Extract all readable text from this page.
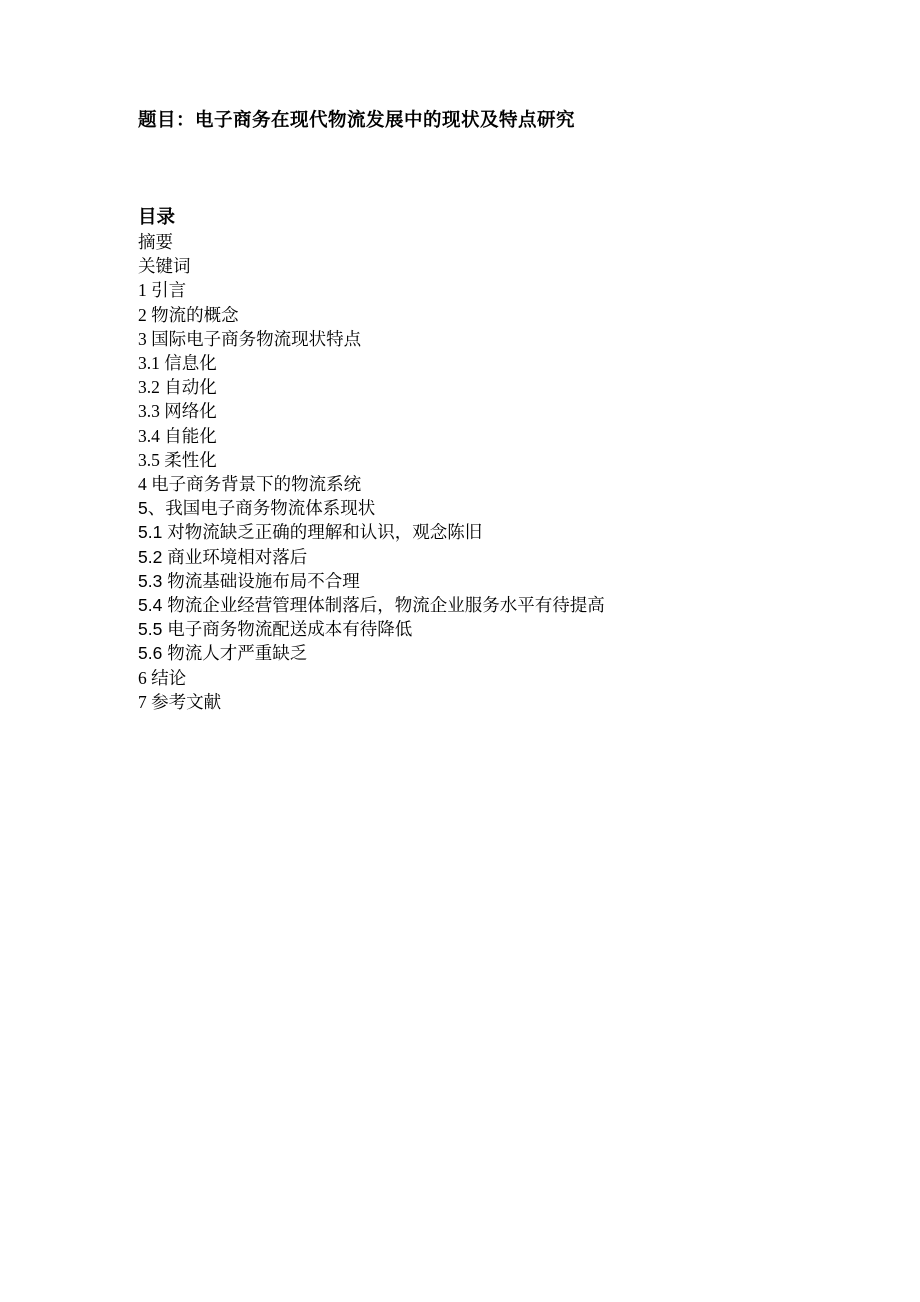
题目：电子商务在现代物流发展中的现状及特点研究
目录
摘要
关键词
1 引言
2 物流的概念
3 国际电子商务物流现状特点
3.1 信息化
3.2 自动化
3.3 网络化
3.4 自能化
3.5 柔性化
4 电子商务背景下的物流系统
5、我国电子商务物流体系现状
5.1 对物流缺乏正确的理解和认识，观念陈旧
5.2 商业环境相对落后
5.3 物流基础设施布局不合理
5.4 物流企业经营管理体制落后，物流企业服务水平有待提高
5.5 电子商务物流配送成本有待降低
5.6 物流人才严重缺乏
6 结论
7 参考文献
